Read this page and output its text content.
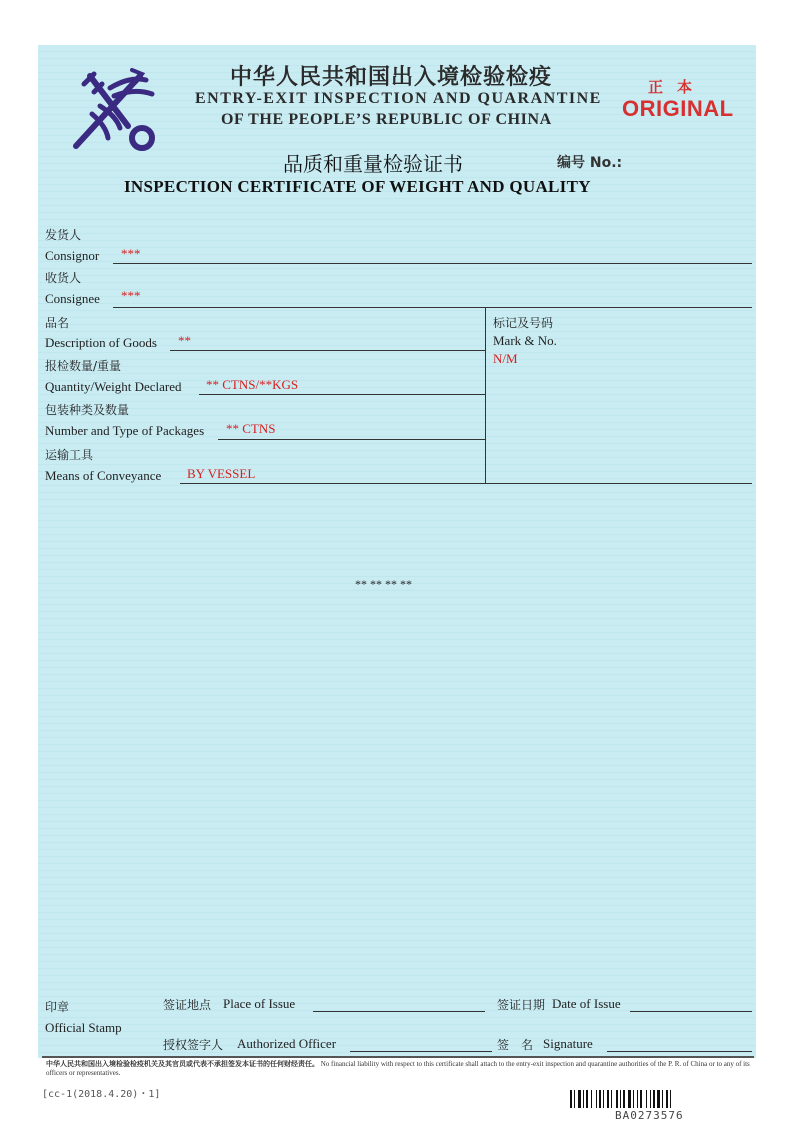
中华人民共和国出入境检验检疫
ENTRY-EXIT INSPECTION AND QUARANTINE
OF THE PEOPLE’S REPUBLIC OF CHINA
正本
ORIGINAL
品质和重量检验证书	编号 No.:
INSPECTION CERTIFICATE OF WEIGHT AND QUALITY
发货人
Consignor ***
收货人
Consignee ***
品名
Description of Goods **
报检数量/重量
Quantity/Weight Declared ** CTNS/**KGS
包装种类及数量
Number and Type of Packages ** CTNS
运输工具
Means of Conveyance BY VESSEL
标记及号码
Mark & No.
N/M
** ** ** **
印章
Official Stamp
签证地点 Place of Issue	签证日期 Date of Issue
授权签字人 Authorized Officer	签　名 Signature
中华人民共和国出入境检验检疫机关及其官员或代表不承担签发本证书的任何财经责任。 No financial liability with respect to this certificate shall attach to the entry-exit inspection and quarantine authorities of the P. R. of China or to any of its officers or representatives.
[cc-1(2018.4.20)・1]
BA0273576
